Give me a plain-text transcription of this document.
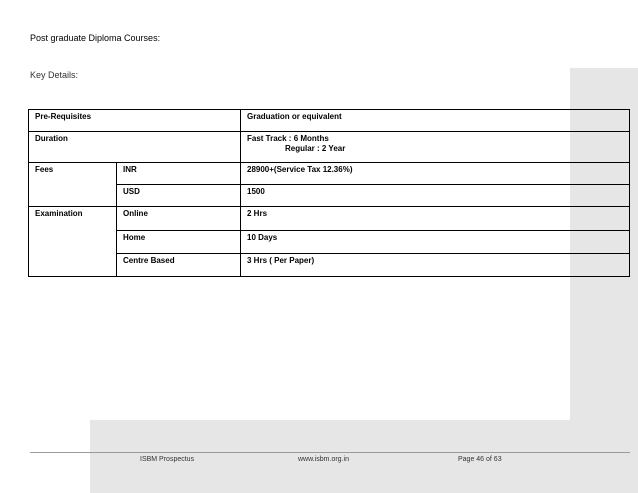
Post graduate Diploma Courses:
Key Details:
Pre-Requisites		Graduation or equivalent
Duration		Fast Track : 6 Months
Regular : 2 Year

Fees	INR	28900+(Service Tax 12.36%)
	USD	1500
Examination	Online	2 Hrs
	Home	10 Days
	Centre Based	3 Hrs ( Per Paper)
ISBM Prospectus	www.isbm.org.in	Page 46 of 63
